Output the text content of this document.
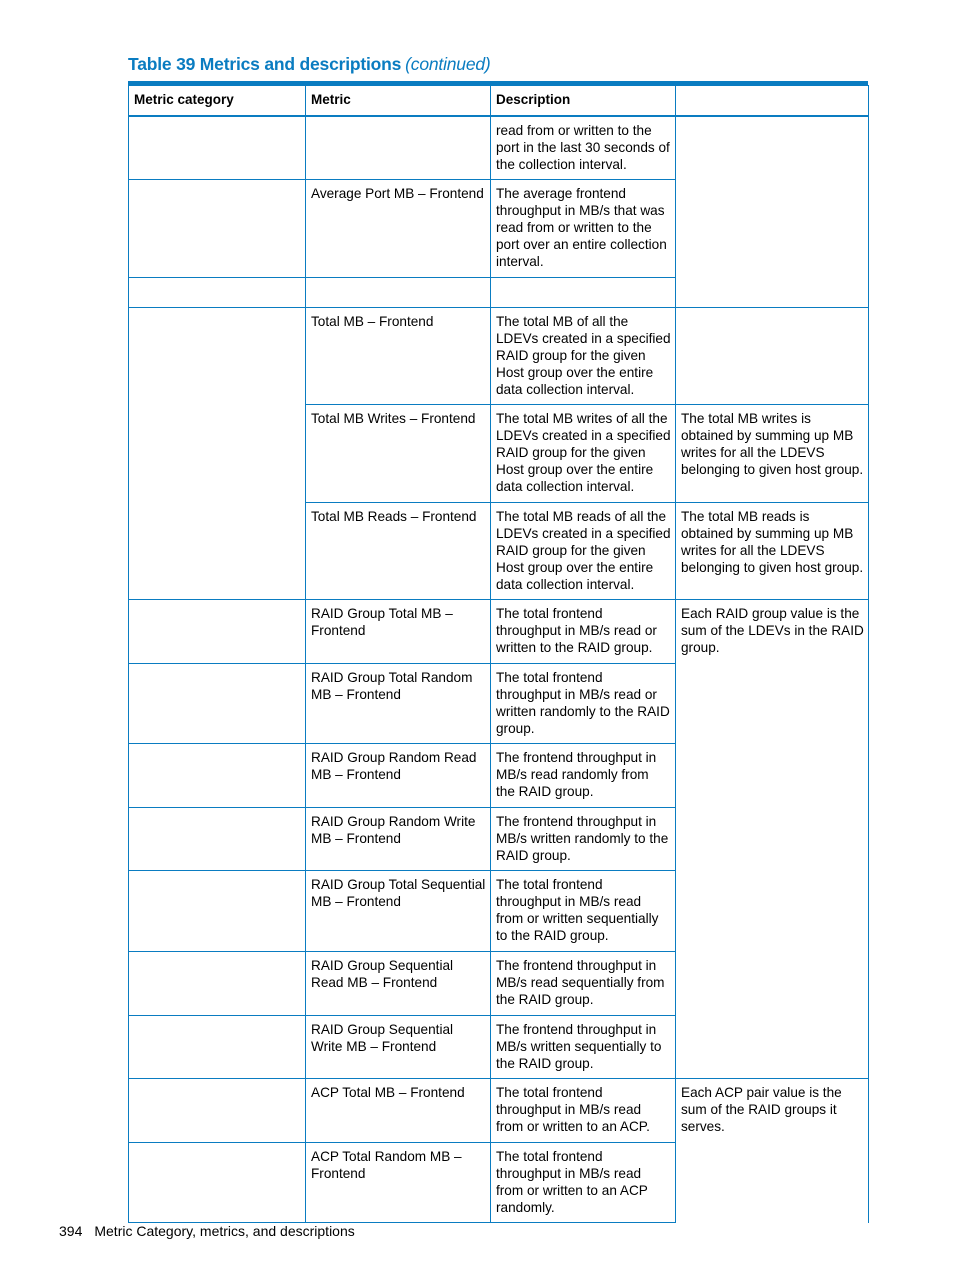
Table 39 Metrics and descriptions (continued)
Metric category	Metric	Description	
		read from or written to the port in the last 30 seconds of the collection interval.	
	Average Port MB – Frontend	The average frontend throughput in MB/s that was read from or written to the port over an entire collection interval.	

	Total MB – Frontend	The total MB of all the LDEVs created in a specified RAID group for the given Host group over the entire data collection interval.	
	Total MB Writes – Frontend	The total MB writes of all the LDEVs created in a specified RAID group for the given Host group over the entire data collection interval.	The total MB writes is obtained by summing up MB writes for all the LDEVS belonging to given host group.
	Total MB Reads – Frontend	The total MB reads of all the LDEVs created in a specified RAID group for the given Host group over the entire data collection interval.	The total MB reads is obtained by summing up MB writes for all the LDEVS belonging to given host group.
	RAID Group Total MB – Frontend	The total frontend throughput in MB/s read or written to the RAID group.	Each RAID group value is the sum of the LDEVs in the RAID group.
	RAID Group Total Random MB – Frontend	The total frontend throughput in MB/s read or written randomly to the RAID group.	
	RAID Group Random Read MB – Frontend	The frontend throughput in MB/s read randomly from the RAID group.	
	RAID Group Random Write MB – Frontend	The frontend throughput in MB/s written randomly to the RAID group.	
	RAID Group Total Sequential MB – Frontend	The total frontend throughput in MB/s read from or written sequentially to the RAID group.	
	RAID Group Sequential Read MB – Frontend	The frontend throughput in MB/s read sequentially from the RAID group.	
	RAID Group Sequential Write MB – Frontend	The frontend throughput in MB/s written sequentially to the RAID group.	
	ACP Total MB – Frontend	The total frontend throughput in MB/s read from or written to an ACP.	Each ACP pair value is the sum of the RAID groups it serves.
	ACP Total Random MB – Frontend	The total frontend throughput in MB/s read from or written to an ACP randomly.	
394 Metric Category, metrics, and descriptions
